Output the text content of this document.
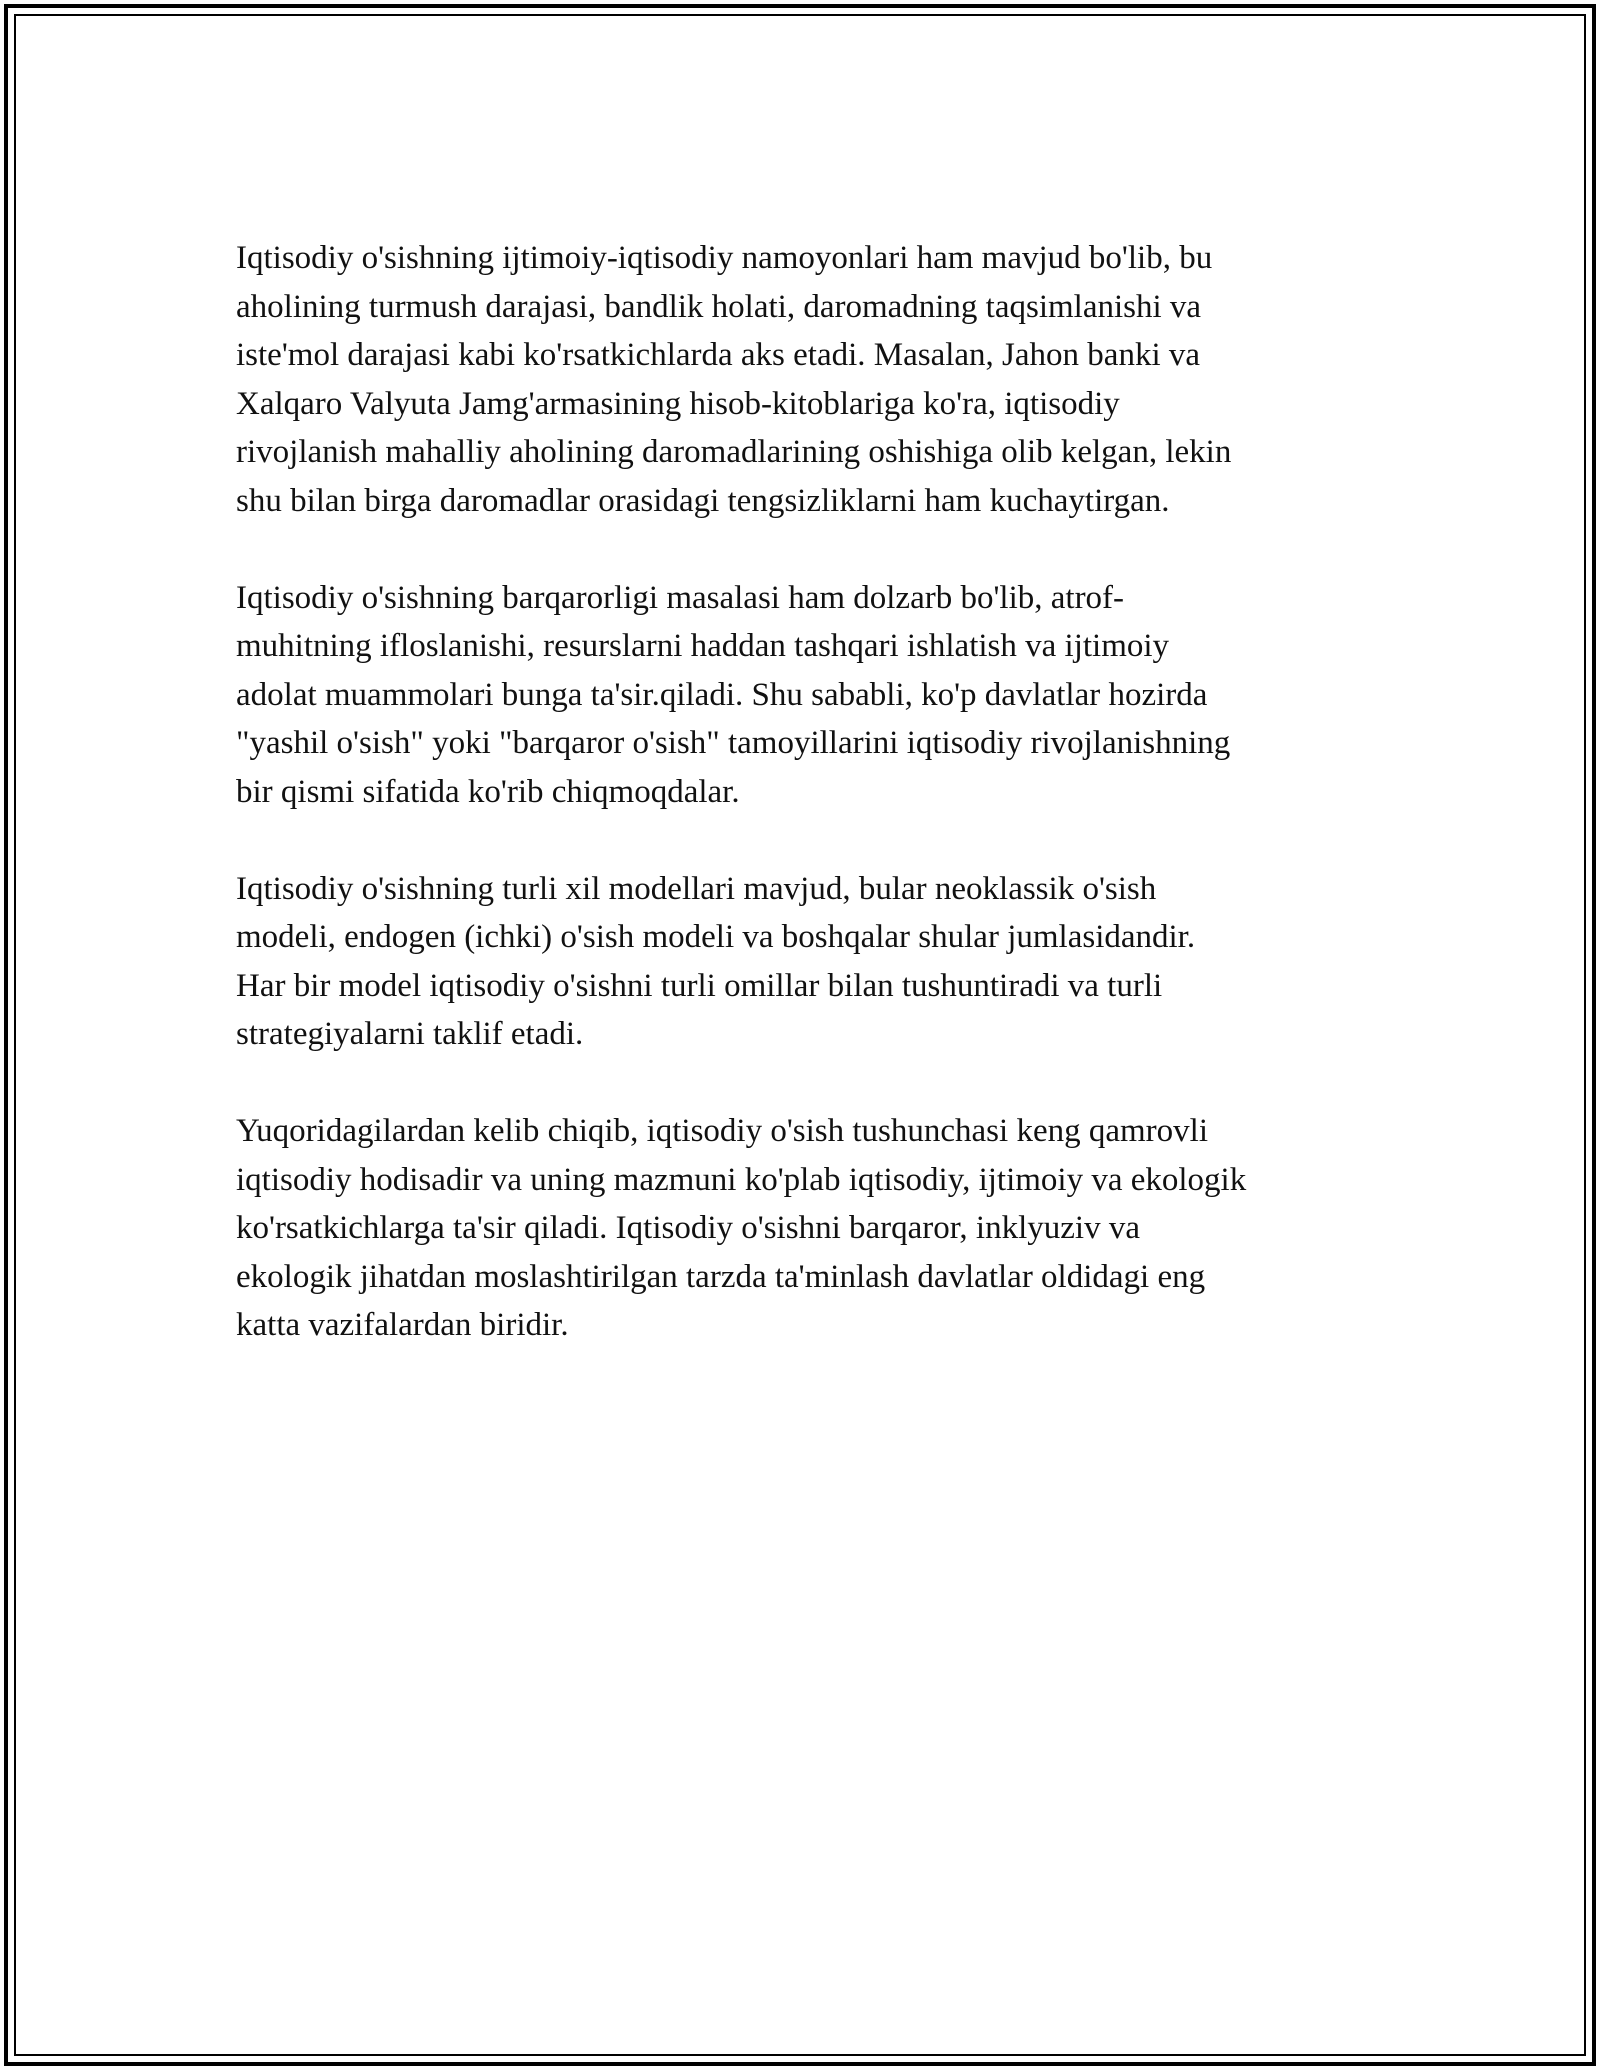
Iqtisodiy o'sishning ijtimoiy-iqtisodiy namoyonlari ham mavjud bo'lib, bu
aholining turmush darajasi, bandlik holati, daromadning taqsimlanishi va
iste'mol darajasi kabi ko'rsatkichlarda aks etadi. Masalan, Jahon banki va
Xalqaro Valyuta Jamg'armasining hisob-kitoblariga ko'ra, iqtisodiy
rivojlanish mahalliy aholining daromadlarining oshishiga olib kelgan, lekin
shu bilan birga daromadlar orasidagi tengsizliklarni ham kuchaytirgan.

Iqtisodiy o'sishning barqarorligi masalasi ham dolzarb bo'lib, atrof-
muhitning ifloslanishi, resurslarni haddan tashqari ishlatish va ijtimoiy
adolat muammolari bunga ta'sir.qiladi. Shu sababli, ko'p davlatlar hozirda
"yashil o'sish" yoki "barqaror o'sish" tamoyillarini iqtisodiy rivojlanishning
bir qismi sifatida ko'rib chiqmoqdalar.

Iqtisodiy o'sishning turli xil modellari mavjud, bular neoklassik o'sish
modeli, endogen (ichki) o'sish modeli va boshqalar shular jumlasidandir.
Har bir model iqtisodiy o'sishni turli omillar bilan tushuntiradi va turli
strategiyalarni taklif etadi.

Yuqoridagilardan kelib chiqib, iqtisodiy o'sish tushunchasi keng qamrovli
iqtisodiy hodisadir va uning mazmuni ko'plab iqtisodiy, ijtimoiy va ekologik
ko'rsatkichlarga ta'sir qiladi. Iqtisodiy o'sishni barqaror, inklyuziv va
ekologik jihatdan moslashtirilgan tarzda ta'minlash davlatlar oldidagi eng
katta vazifalardan biridir.
